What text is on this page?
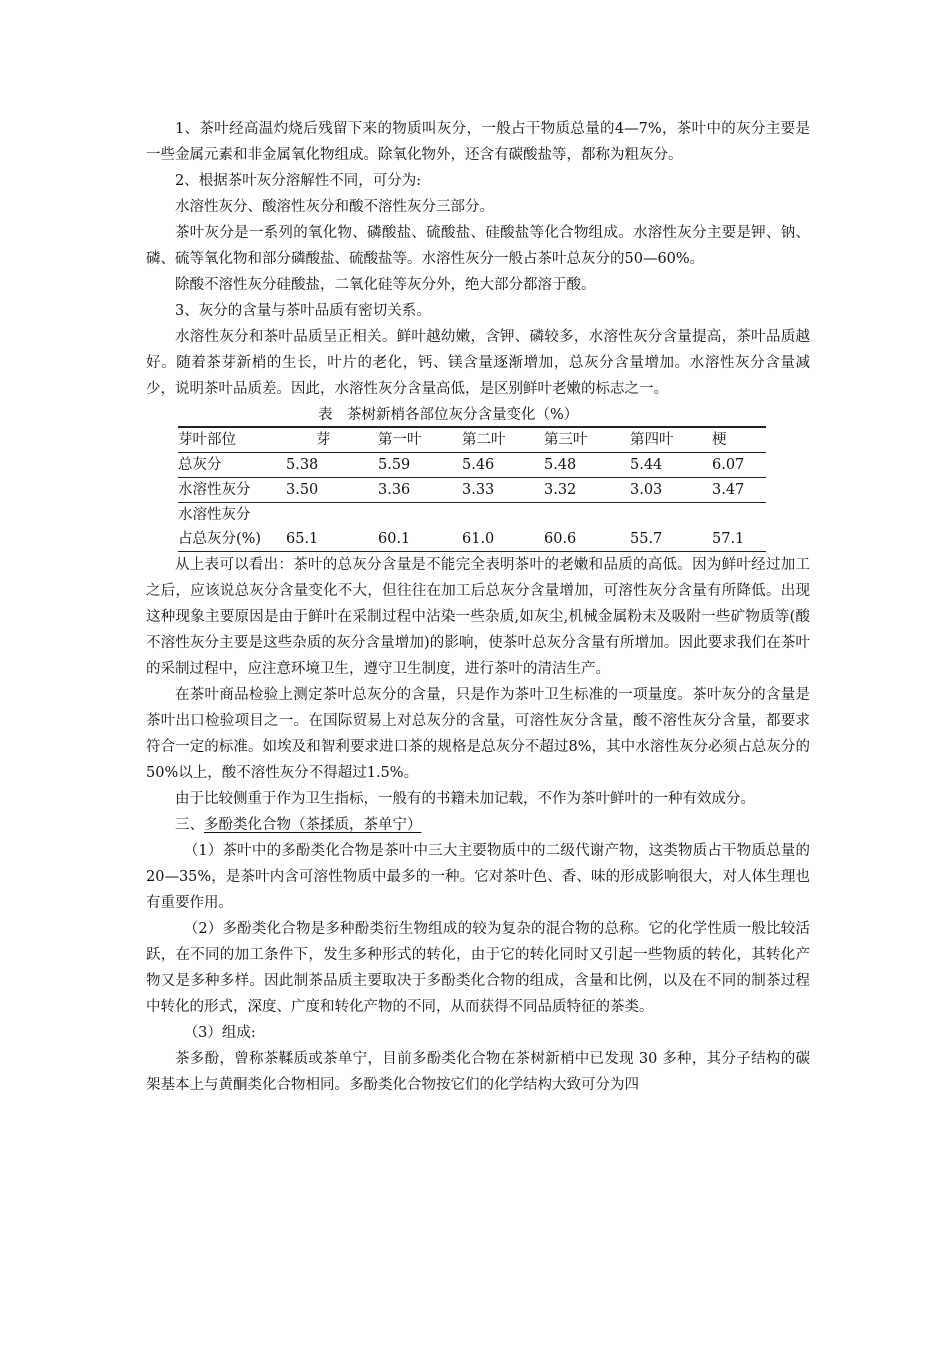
1、茶叶经高温灼烧后残留下来的物质叫灰分，一般占干物质总量的4—7%，茶叶中的灰分主要是一些金属元素和非金属氧化物组成。除氧化物外，还含有碳酸盐等，都称为粗灰分。

2、根据茶叶灰分溶解性不同，可分为:

水溶性灰分、酸溶性灰分和酸不溶性灰分三部分。

茶叶灰分是一系列的氧化物、磷酸盐、硫酸盐、硅酸盐等化合物组成。水溶性灰分主要是钾、钠、磷、硫等氧化物和部分磷酸盐、硫酸盐等。水溶性灰分一般占茶叶总灰分的50—60%。

除酸不溶性灰分硅酸盐，二氧化硅等灰分外，绝大部分都溶于酸。

3、灰分的含量与茶叶品质有密切关系。

水溶性灰分和茶叶品质呈正相关。鲜叶越幼嫩，含钾、磷较多，水溶性灰分含量提高，茶叶品质越好。随着茶芽新梢的生长，叶片的老化，钙、镁含量逐渐增加，总灰分含量增加。水溶性灰分含量减少，说明茶叶品质差。因此，水溶性灰分含量高低，是区别鲜叶老嫩的标志之一。

表　茶树新梢各部位灰分含量变化（%）
芽叶部位	芽	第一叶	第二叶	第三叶	第四叶	梗
总灰分	5.38	5.59	5.46	5.48	5.44	6.07
水溶性灰分	3.50	3.36	3.33	3.32	3.03	3.47
水溶性灰分						
占总灰分(%)	65.1	60.1	61.0	60.6	55.7	57.1

从上表可以看出：茶叶的总灰分含量是不能完全表明茶叶的老嫩和品质的高低。因为鲜叶经过加工之后，应该说总灰分含量变化不大，但往往在加工后总灰分含量增加，可溶性灰分含量有所降低。出现这种现象主要原因是由于鲜叶在采制过程中沾染一些杂质,如灰尘,机械金属粉末及吸附一些矿物质等(酸不溶性灰分主要是这些杂质的灰分含量增加)的影响，使茶叶总灰分含量有所增加。因此要求我们在茶叶的采制过程中，应注意环境卫生，遵守卫生制度，进行茶叶的清洁生产。

在茶叶商品检验上测定茶叶总灰分的含量，只是作为茶叶卫生标准的一项量度。茶叶灰分的含量是茶叶出口检验项目之一。在国际贸易上对总灰分的含量，可溶性灰分含量，酸不溶性灰分含量，都要求符合一定的标准。如埃及和智利要求进口茶的规格是总灰分不超过8%，其中水溶性灰分必须占总灰分的50%以上，酸不溶性灰分不得超过1.5%。

由于比较侧重于作为卫生指标，一般有的书籍未加记载，不作为茶叶鲜叶的一种有效成分。

三、多酚类化合物（茶揉质，茶单宁）

（1）茶叶中的多酚类化合物是茶叶中三大主要物质中的二级代谢产物，这类物质占干物质总量的 20—35%，是茶叶内含可溶性物质中最多的一种。它对茶叶色、香、味的形成影响很大，对人体生理也有重要作用。

（2）多酚类化合物是多种酚类衍生物组成的较为复杂的混合物的总称。它的化学性质一般比较活跃，在不同的加工条件下，发生多种形式的转化，由于它的转化同时又引起一些物质的转化，其转化产物又是多种多样。因此制茶品质主要取决于多酚类化合物的组成，含量和比例，以及在不同的制茶过程中转化的形式，深度、广度和转化产物的不同，从而获得不同品质特征的茶类。

（3）组成:

茶多酚，曾称茶鞣质或茶单宁，目前多酚类化合物在茶树新梢中已发现 30 多种，其分子结构的碳架基本上与黄酮类化合物相同。多酚类化合物按它们的化学结构大致可分为四
